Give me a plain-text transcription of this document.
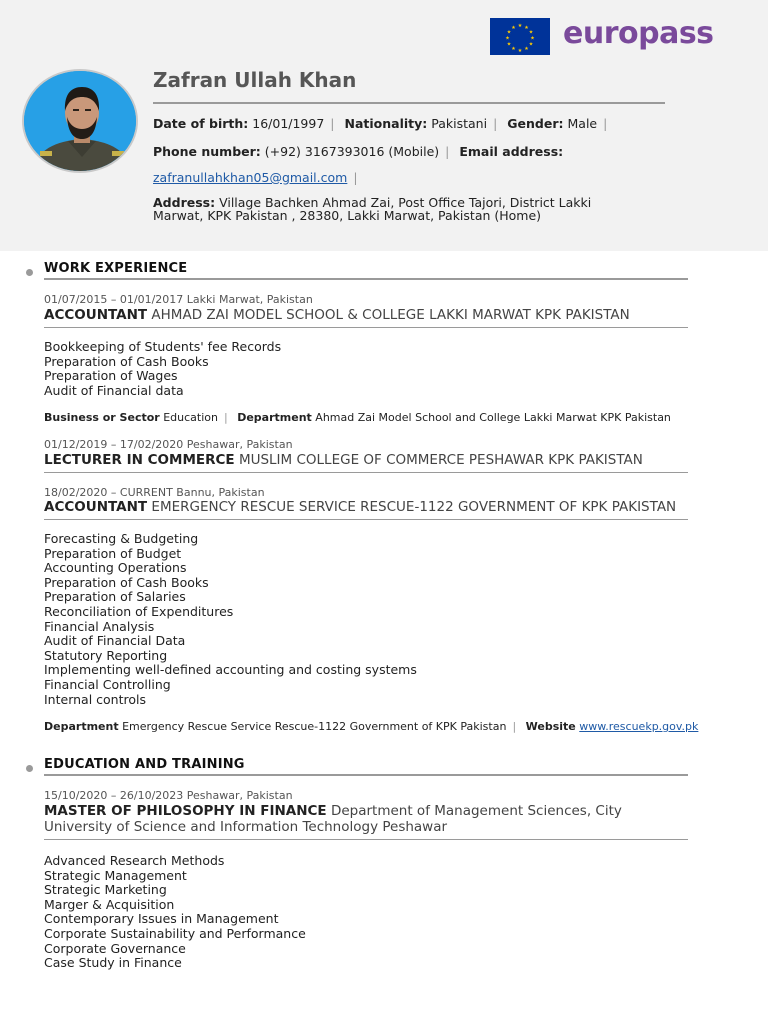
★ ★
★
★
★
★
★
★
★
★
★
★ europass
Zafran Ullah Khan
Date of birth: 16/01/1997 | Nationality: Pakistani | Gender: Male |
Phone number: (+92) 3167393016 (Mobile) | Email address:
zafranullahkhan05@gmail.com |
Address: Village Bachken Ahmad Zai, Post Office Tajori, District Lakki Marwat, KPK Pakistan , 28380, Lakki Marwat, Pakistan (Home)
WORK EXPERIENCE
01/07/2015 – 01/01/2017 Lakki Marwat, Pakistan
ACCOUNTANT AHMAD ZAI MODEL SCHOOL & COLLEGE LAKKI MARWAT KPK PAKISTAN
Bookkeeping of Students' fee Records
Preparation of Cash Books
Preparation of Wages
Audit of Financial data
Business or Sector Education | Department Ahmad Zai Model School and College Lakki Marwat KPK Pakistan
01/12/2019 – 17/02/2020 Peshawar, Pakistan
LECTURER IN COMMERCE MUSLIM COLLEGE OF COMMERCE PESHAWAR KPK PAKISTAN
18/02/2020 – CURRENT Bannu, Pakistan
ACCOUNTANT EMERGENCY RESCUE SERVICE RESCUE-1122 GOVERNMENT OF KPK PAKISTAN
Forecasting & Budgeting
Preparation of Budget
Accounting Operations
Preparation of Cash Books
Preparation of Salaries
Reconciliation of Expenditures
Financial Analysis
Audit of Financial Data
Statutory Reporting
Implementing well-defined accounting and costing systems
Financial Controlling
Internal controls
Department Emergency Rescue Service Rescue-1122 Government of KPK Pakistan | Website www.rescuekp.gov.pk
EDUCATION AND TRAINING
15/10/2020 – 26/10/2023 Peshawar, Pakistan
MASTER OF PHILOSOPHY IN FINANCE Department of Management Sciences, City University of Science and Information Technology Peshawar
Advanced Research Methods
Strategic Management
Strategic Marketing
Marger & Acquisition
Contemporary Issues in Management
Corporate Sustainability and Performance
Corporate Governance
Case Study in Finance
